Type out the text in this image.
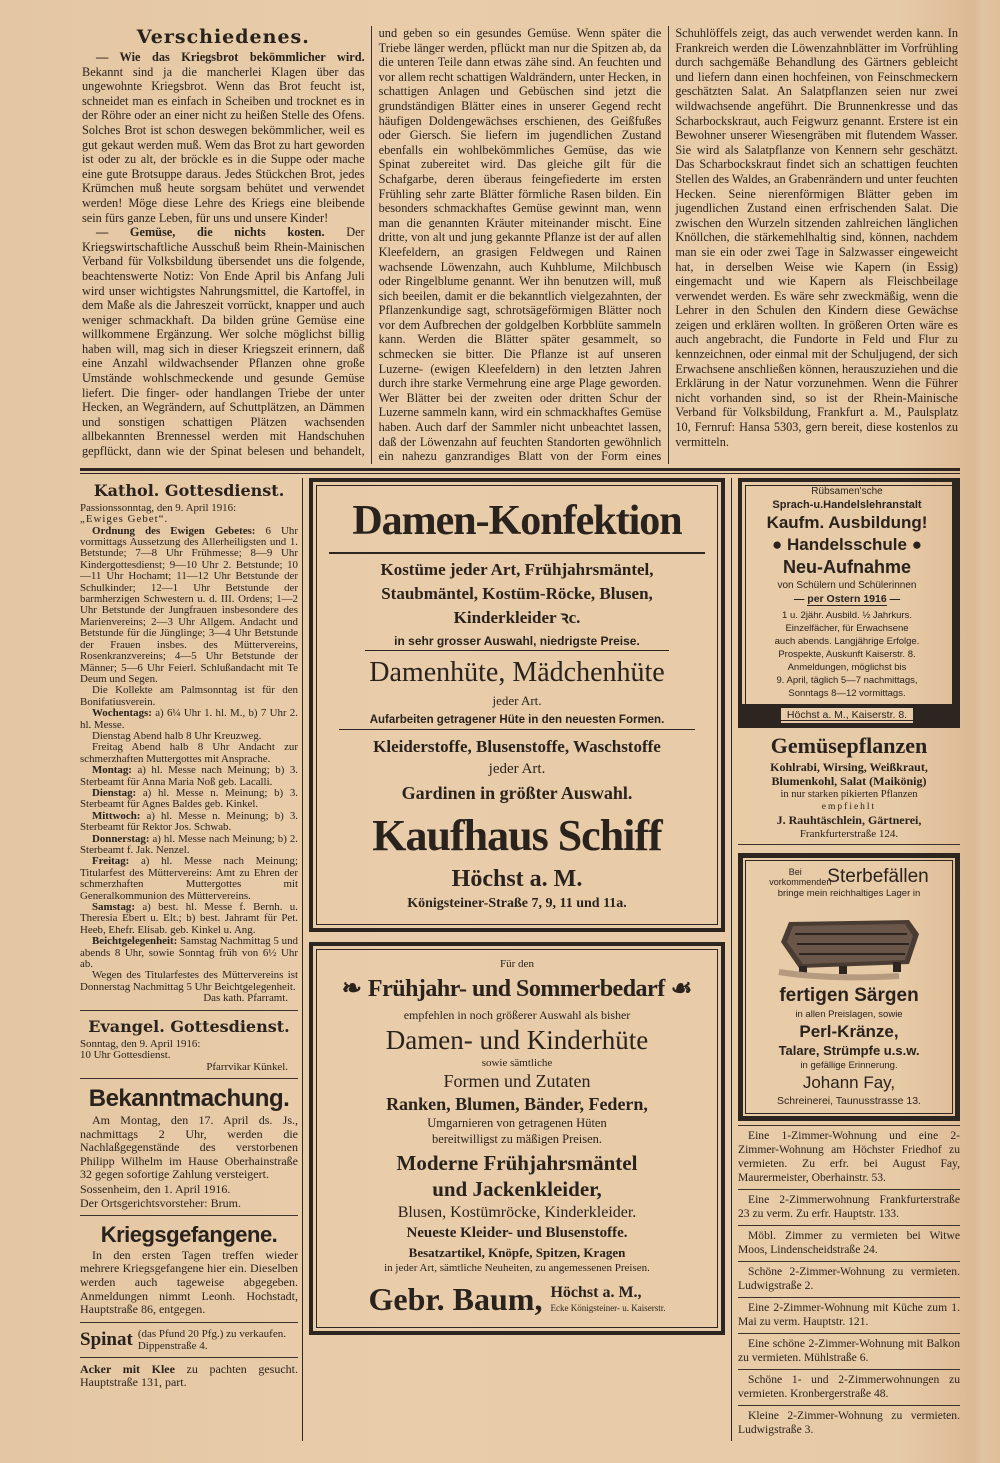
Verschiedenes.

— Wie das Kriegsbrot bekömmlicher wird. Bekannt sind ja die mancherlei Klagen über das ungewohnte Kriegsbrot. Wenn das Brot feucht ist, schneidet man es einfach in Scheiben und trocknet es in der Röhre oder an einer nicht zu heißen Stelle des Ofens. Solches Brot ist schon deswegen bekömmlicher, weil es gut gekaut werden muß. Wem das Brot zu hart geworden ist oder zu alt, der bröckle es in die Suppe oder mache eine gute Brotsuppe daraus. Jedes Stückchen Brot, jedes Krümchen muß heute sorgsam behütet und verwendet werden! Möge diese Lehre des Kriegs eine bleibende sein fürs ganze Leben, für uns und unsere Kinder!

— Gemüse, die nichts kosten. Der Kriegswirtschaftliche Ausschuß beim Rhein-Mainischen Verband für Volksbildung übersendet uns die folgende, beachtenswerte Notiz: Von Ende April bis Anfang Juli wird unser wichtigstes Nahrungsmittel, die Kartoffel, in dem Maße als die Jahreszeit vorrückt, knapper und auch weniger schmackhaft. Da bilden grüne Gemüse eine willkommene Ergänzung. Wer solche möglichst billig haben will, mag sich in dieser Kriegszeit erinnern, daß eine Anzahl wildwachsender Pflanzen ohne große Umstände wohlschmeckende und gesunde Gemüse liefert. Die finger- oder handlangen Triebe der unter Hecken, an Wegrändern, auf Schuttplätzen, an Dämmen und sonstigen schattigen Plätzen wachsenden allbekannten Brennessel werden mit Handschuhen gepflückt, dann wie der Spinat belesen und behandelt, und geben so ein gesundes Gemüse. Wenn später die Triebe länger werden, pflückt man nur die Spitzen ab, da die unteren Teile dann etwas zähe sind. An feuchten und vor allem recht schattigen Waldrändern, unter Hecken, in schattigen Anlagen und Gebüschen sind jetzt die grundständigen Blätter eines in unserer Gegend recht häufigen Doldengewächses erschienen, des Geißfußes oder Giersch. Sie liefern im jugendlichen Zustand ebenfalls ein wohlbekömmliches Gemüse, das wie Spinat zubereitet wird. Das gleiche gilt für die Schafgarbe, deren überaus feingefiederte im ersten Frühling sehr zarte Blätter förmliche Rasen bilden. Ein besonders schmackhaftes Gemüse gewinnt man, wenn man die genannten Kräuter miteinander mischt. Eine dritte, von alt und jung gekannte Pflanze ist der auf allen Kleefeldern, an grasigen Feldwegen und Rainen wachsende Löwenzahn, auch Kuhblume, Milchbusch oder Ringelblume genannt. Wer ihn benutzen will, muß sich beeilen, damit er die bekanntlich vielgezahnten, der Pflanzenkundige sagt, schrotsägeförmigen Blätter noch vor dem Aufbrechen der goldgelben Korbblüte sammeln kann. Werden die Blätter später gesammelt, so schmecken sie bitter. Die Pflanze ist auf unseren Luzerne- (ewigen Kleefeldern) in den letzten Jahren durch ihre starke Vermehrung eine arge Plage geworden. Wer Blätter bei der zweiten oder dritten Schur der Luzerne sammeln kann, wird ein schmackhaftes Gemüse haben. Auch darf der Sammler nicht unbeachtet lassen, daß der Löwenzahn auf feuchten Standorten gewöhnlich ein nahezu ganzrandiges Blatt von der Form eines Schuhlöffels zeigt, das auch verwendet werden kann. In Frankreich werden die Löwenzahnblätter im Vorfrühling durch sachgemäße Behandlung des Gärtners gebleicht und liefern dann einen hochfeinen, von Feinschmeckern geschätzten Salat. An Salatpflanzen seien nur zwei wildwachsende angeführt. Die Brunnenkresse und das Scharbockskraut, auch Feigwurz genannt. Erstere ist ein Bewohner unserer Wiesengräben mit flutendem Wasser. Sie wird als Salatpflanze von Kennern sehr geschätzt. Das Scharbockskraut findet sich an schattigen feuchten Stellen des Waldes, an Grabenrändern und unter feuchten Hecken. Seine nierenförmigen Blätter geben im jugendlichen Zustand einen erfrischenden Salat. Die zwischen den Wurzeln sitzenden zahlreichen länglichen Knöllchen, die stärkemehlhaltig sind, können, nachdem man sie ein oder zwei Tage in Salzwasser eingeweicht hat, in derselben Weise wie Kapern (in Essig) eingemacht und wie Kapern als Fleischbeilage verwendet werden. Es wäre sehr zweckmäßig, wenn die Lehrer in den Schulen den Kindern diese Gewächse zeigen und erklären wollten. In größeren Orten wäre es auch angebracht, die Fundorte in Feld und Flur zu kennzeichnen, oder einmal mit der Schuljugend, der sich Erwachsene anschließen können, herauszuziehen und die Erklärung in der Natur vorzunehmen. Wenn die Führer nicht vorhanden sind, so ist der Rhein-Mainische Verband für Volksbildung, Frankfurt a. M., Paulsplatz 10, Fernruf: Hansa 5303, gern bereit, diese kostenlos zu vermitteln.

Kathol. Gottesdienst.

Passionssonntag, den 9. April 1916:

„Ewiges Gebet“.

Ordnung des Ewigen Gebetes: 6 Uhr vormittags Aussetzung des Allerheiligsten und 1. Betstunde; 7—8 Uhr Frühmesse; 8—9 Uhr Kindergottesdienst; 9—10 Uhr 2. Betstunde; 10—11 Uhr Hochamt; 11—12 Uhr Betstunde der Schulkinder; 12—1 Uhr Betstunde der barmherzigen Schwestern u. d. III. Ordens; 1—2 Uhr Betstunde der Jungfrauen insbesondere des Marienvereins; 2—3 Uhr Allgem. Andacht und Betstunde für die Jünglinge; 3—4 Uhr Betstunde der Frauen insbes. des Müttervereins, Rosenkranzvereins; 4—5 Uhr Betstunde der Männer; 5—6 Uhr Feierl. Schlußandacht mit Te Deum und Segen.

Die Kollekte am Palmsonntag ist für den Bonifatiusverein.

Wochentags: a) 6¼ Uhr 1. hl. M., b) 7 Uhr 2. hl. Messe.

Dienstag Abend halb 8 Uhr Kreuzweg.

Freitag Abend halb 8 Uhr Andacht zur schmerzhaften Muttergottes mit Ansprache.

Montag: a) hl. Messe nach Meinung; b) 3. Sterbeamt für Anna Maria Noß geb. Lacalli.

Dienstag: a) hl. Messe n. Meinung; b) 3. Sterbeamt für Agnes Baldes geb. Kinkel.

Mittwoch: a) hl. Messe n. Meinung; b) 3. Sterbeamt für Rektor Jos. Schwab.

Donnerstag: a) hl. Messe nach Meinung; b) 2. Sterbeamt f. Jak. Nenzel.

Freitag: a) hl. Messe nach Meinung; Titularfest des Müttervereins: Amt zu Ehren der schmerzhaften Muttergottes mit Generalkommunion des Müttervereins.

Samstag: a) best. hl. Messe f. Bernh. u. Theresia Ebert u. Elt.; b) best. Jahramt für Pet. Heeb, Ehefr. Elisab. geb. Kinkel u. Ang.

Beichtgelegenheit: Samstag Nachmittag 5 und abends 8 Uhr, sowie Sonntag früh von 6½ Uhr ab.

Wegen des Titularfestes des Müttervereins ist Donnerstag Nachmittag 5 Uhr Beichtgelegenheit.

Das kath. Pfarramt.

Evangel. Gottesdienst.

Sonntag, den 9. April 1916:

10 Uhr Gottesdienst.

Pfarrvikar Künkel.

Bekanntmachung.

Am Montag, den 17. April ds. Js., nachmittags 2 Uhr, werden die Nachlaßgegenstände des verstorbenen Philipp Wilhelm im Hause Oberhainstraße 32 gegen sofortige Zahlung versteigert.

Sossenheim, den 1. April 1916.

Der Ortsgerichtsvorsteher: Brum.

Kriegsgefangene.

In den ersten Tagen treffen wieder mehrere Kriegsgefangene hier ein. Dieselben werden auch tageweise abgegeben. Anmeldungen nimmt Leonh. Hochstadt, Hauptstraße 86, entgegen.

Spinat (das Pfund 20 Pfg.) zu verkaufen. Dippenstraße 4.

Acker mit Klee zu pachten gesucht. Hauptstraße 131, part.

Damen-Konfektion
Kostüme jeder Art, Frühjahrsmäntel,
Staubmäntel, Kostüm-Röcke, Blusen,
Kinderkleider ꝛc.
in sehr grosser Auswahl, niedrigste Preise.
Damenhüte, Mädchenhüte
jeder Art.
Aufarbeiten getragener Hüte in den neuesten Formen.
Kleiderstoffe, Blusenstoffe, Waschstoffe
jeder Art.
Gardinen in größter Auswahl.
Kaufhaus Schiff
Höchst a. M.
Königsteiner-Straße 7, 9, 11 und 11a.
Für den
❧ Frühjahr- und Sommerbedarf ☙
empfehlen in noch größerer Auswahl als bisher
Damen- und Kinderhüte
sowie sämtliche
Formen und Zutaten
Ranken, Blumen, Bänder, Federn,
Umgarnieren von getragenen Hüten
bereitwilligst zu mäßigen Preisen.
Moderne Frühjahrsmäntel
und Jackenkleider,
Blusen, Kostümröcke, Kinderkleider.
Neueste Kleider- und Blusenstoffe.
Besatzartikel, Knöpfe, Spitzen, Kragen
in jeder Art, sämtliche Neuheiten, zu angemessenen Preisen.
Gebr. Baum, Höchst a. M.,
Ecke Königsteiner- u. Kaiserstr.
Rübsamen'sche
Sprach-u.Handelslehranstalt
Kaufm. Ausbildung!
● Handelsschule ●
Neu-Aufnahme
von Schülern und Schülerinnen
— per Ostern 1916 —
1 u. 2jähr. Ausbild. ½ Jahrkurs.
Einzelfächer, für Erwachsene
auch abends. Langjährige Erfolge.
Prospekte, Auskunft Kaiserstr. 8.
Anmeldungen, möglichst bis
9. April, täglich 5—7 nachmittags,
Sonntags 8—12 vormittags.
Höchst a. M., Kaiserstr. 8.
Gemüsepflanzen
Kohlrabi, Wirsing, Weißkraut,
Blumenkohl, Salat (Maikönig)
in nur starken pikierten Pflanzen
empfiehlt
J. Rauhtäschlein, Gärtnerei,
Frankfurterstraße 124.
Bei vorkommenden
Sterbefällen
bringe mein reichhaltiges Lager in
fertigen Särgen
in allen Preislagen, sowie
Perl-Kränze,
Talare, Strümpfe u.s.w.
in gefällige Erinnerung.
Johann Fay,
Schreinerei, Taunusstrasse 13.

Eine 1-Zimmer-Wohnung und eine 2-Zimmer-Wohnung am Höchster Friedhof zu vermieten. Zu erfr. bei August Fay, Maurermeister, Oberhainstr. 53.

Eine 2-Zimmerwohnung Frankfurterstraße 23 zu verm. Zu erfr. Hauptstr. 133.

Möbl. Zimmer zu vermieten bei Witwe Moos, Lindenscheidstraße 24.

Schöne 2-Zimmer-Wohnung zu vermieten. Ludwigstraße 2.

Eine 2-Zimmer-Wohnung mit Küche zum 1. Mai zu verm. Hauptstr. 121.

Eine schöne 2-Zimmer-Wohnung mit Balkon zu vermieten. Mühlstraße 6.

Schöne 1- und 2-Zimmerwohnungen zu vermieten. Kronbergerstraße 48.

Kleine 2-Zimmer-Wohnung zu vermieten. Ludwigstraße 3.
